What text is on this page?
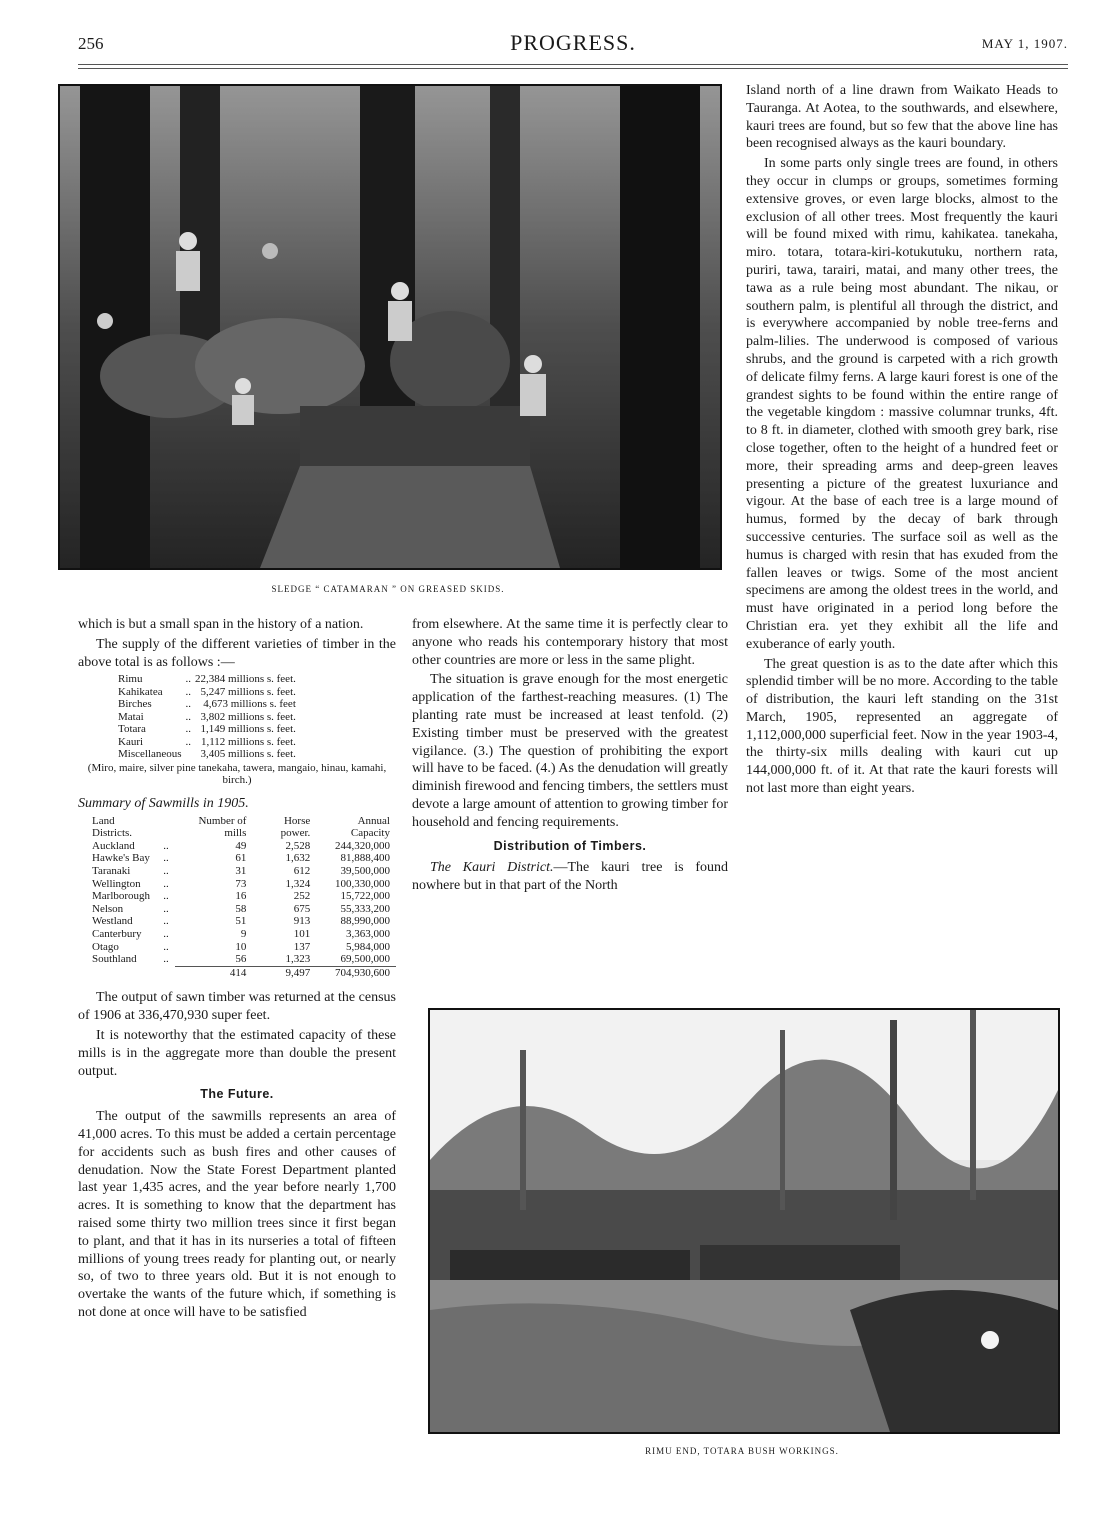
256	PROGRESS.	MAY 1, 1907.
SLEDGE “ CATAMARAN ” ON GREASED SKIDS.

which is but a small span in the history of a nation.

The supply of the different varieties of timber in the above total is as follows :—

Rimu	..	22,384 millions s. feet.
Kahikatea	..	5,247 millions s. feet.
Birches	..	4,673 millions s. feet
Matai	..	3,802 millions s. feet.
Totara	..	1,149 millions s. feet.
Kauri	..	1,112 millions s. feet.
Miscellaneous		3,405 millions s. feet.
(Miro, maire, silver pine tanekaha, tawera, mangaio, hinau, kamahi, birch.)
Summary of Sawmills in 1905.
Land Districts.		Number of mills	Horse power.	Annual Capacity
Auckland	..	49	2,528	244,320,000
Hawke's Bay	..	61	1,632	81,888,400
Taranaki	..	31	612	39,500,000
Wellington	..	73	1,324	100,330,000
Marlborough	..	16	252	15,722,000
Nelson	..	58	675	55,333,200
Westland	..	51	913	88,990,000
Canterbury	..	9	101	3,363,000
Otago	..	10	137	5,984,000
Southland	..	56	1,323	69,500,000
		414	9,497	704,930,600

The output of sawn timber was returned at the census of 1906 at 336,470,930 super feet.

It is noteworthy that the estimated capacity of these mills is in the aggregate more than double the present output.

The Future.

The output of the sawmills represents an area of 41,000 acres. To this must be added a certain percentage for accidents such as bush fires and other causes of denudation. Now the State Forest Department planted last year 1,435 acres, and the year before nearly 1,700 acres. It is something to know that the department has raised some thirty two million trees since it first began to plant, and that it has in its nurseries a total of fifteen millions of young trees ready for planting out, or nearly so, of two to three years old. But it is not enough to overtake the wants of the future which, if something is not done at once will have to be satisfied

from elsewhere. At the same time it is perfectly clear to anyone who reads his contemporary history that most other countries are more or less in the same plight.

The situation is grave enough for the most energetic application of the farthest-reaching measures. (1) The planting rate must be increased at least tenfold. (2) Existing timber must be preserved with the greatest vigilance. (3.) The question of prohibiting the export will have to be faced. (4.) As the denudation will greatly diminish firewood and fencing timbers, the settlers must devote a large amount of attention to growing timber for household and fencing requirements.

Distribution of Timbers.

The Kauri District.—The kauri tree is found nowhere but in that part of the North

Island north of a line drawn from Waikato Heads to Tauranga. At Aotea, to the southwards, and elsewhere, kauri trees are found, but so few that the above line has been recognised always as the kauri boundary.

In some parts only single trees are found, in others they occur in clumps or groups, sometimes forming extensive groves, or even large blocks, almost to the exclusion of all other trees. Most frequently the kauri will be found mixed with rimu, kahikatea. tanekaha, miro. totara, totara-kiri-kotukutuku, northern rata, puriri, tawa, tarairi, matai, and many other trees, the tawa as a rule being most abundant. The nikau, or southern palm, is plentiful all through the district, and is everywhere accompanied by noble tree-ferns and palm-lilies. The underwood is composed of various shrubs, and the ground is carpeted with a rich growth of delicate filmy ferns. A large kauri forest is one of the grandest sights to be found within the entire range of the vegetable kingdom : massive columnar trunks, 4ft. to 8 ft. in diameter, clothed with smooth grey bark, rise close together, often to the height of a hundred feet or more, their spreading arms and deep-green leaves presenting a picture of the greatest luxuriance and vigour. At the base of each tree is a large mound of humus, formed by the decay of bark through successive centuries. The surface soil as well as the humus is charged with resin that has exuded from the fallen leaves or twigs. Some of the most ancient specimens are among the oldest trees in the world, and must have originated in a period long before the Christian era. yet they exhibit all the life and exuberance of early youth.

The great question is as to the date after which this splendid timber will be no more. According to the table of distribution, the kauri left standing on the 31st March, 1905, represented an aggregate of 1,112,000,000 superficial feet. Now in the year 1903-4, the thirty-six mills dealing with kauri cut up 144,000,000 ft. of it. At that rate the kauri forests will not last more than eight years.

RIMU END, TOTARA BUSH WORKINGS.
